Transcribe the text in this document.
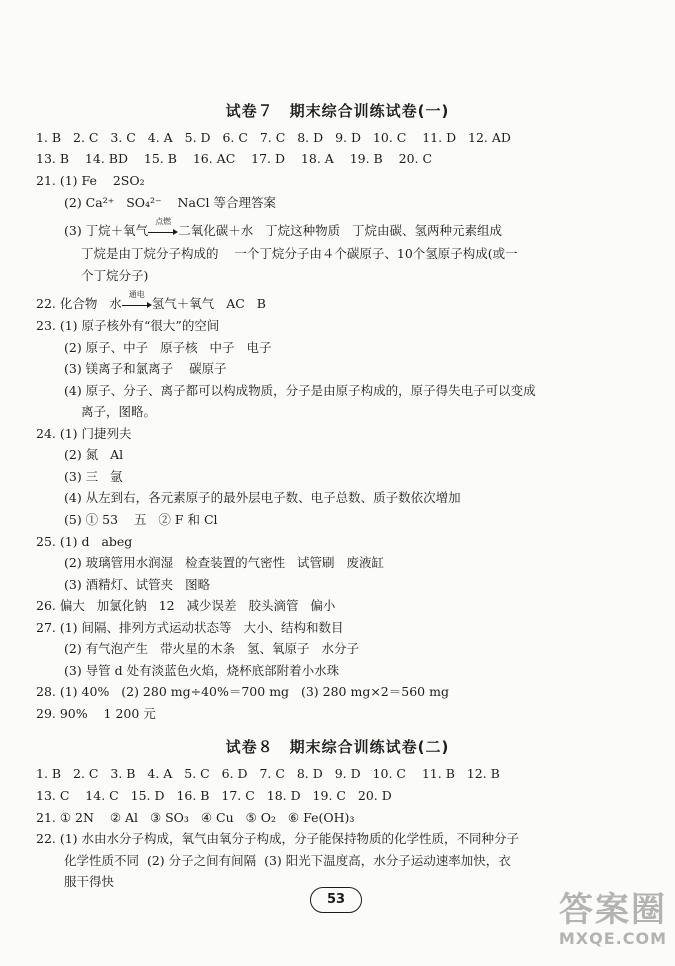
试卷７　期末综合训练试卷(一)
1. B   2. C   3. C   4. A   5. D   6. C   7. C   8. D   9. D   10. C    11. D   12. AD
13. B    14. BD    15. B    16. AC    17. D    18. A    19. B    20. C
21. (1) Fe    2SO₂
(2) Ca²⁺   SO₄²⁻    NaCl 等合理答案
(3) 丁烷＋氧气
点燃
二氧化碳＋水   丁烷这种物质   丁烷由碳、氢两种元素组成
丁烷是由丁烷分子构成的    一个丁烷分子由４个碳原子、10个氢原子构成(或一
个丁烷分子)
22. 化合物   水
通电
氢气＋氧气   AC   B
23. (1) 原子核外有“很大”的空间
(2) 原子、中子   原子核   中子   电子
(3) 镁离子和氯离子    碳原子
(4) 原子、分子、离子都可以构成物质，分子是由原子构成的，原子得失电子可以变成
离子，图略。
24. (1) 门捷列夫
(2) 氮   Al
(3) 三   氩
(4) 从左到右，各元素原子的最外层电子数、电子总数、质子数依次增加
(5) ① 53    五   ② F 和 Cl
25. (1) d   abeg
(2) 玻璃管用水润湿   检查装置的气密性   试管刷   废液缸
(3) 酒精灯、试管夹   图略
26. 偏大   加氯化钠   12   减少误差   胶头滴管   偏小
27. (1) 间隔、排列方式运动状态等   大小、结构和数目
(2) 有气泡产生   带火星的木条   氢、氧原子   水分子
(3) 导管 d 处有淡蓝色火焰，烧杯底部附着小水珠
28. (1) 40%   (2) 280 mg÷40%＝700 mg   (3) 280 mg×2＝560 mg
29. 90%    1 200 元
试卷８　期末综合训练试卷(二)
1. B   2. C   3. B   4. A   5. C   6. D   7. C   8. D   9. D   10. C    11. B   12. B
13. C    14. C   15. D   16. B   17. C   18. D   19. C   20. D
21. ① 2N    ② Al   ③ SO₃   ④ Cu   ⑤ O₂   ⑥ Fe(OH)₃
22. (1) 水由水分子构成，氧气由氧分子构成，分子能保持物质的化学性质，不同种分子
化学性质不同  (2) 分子之间有间隔  (3) 阳光下温度高，水分子运动速率加快，衣
服干得快
53	答案圈
MXQE.COM
